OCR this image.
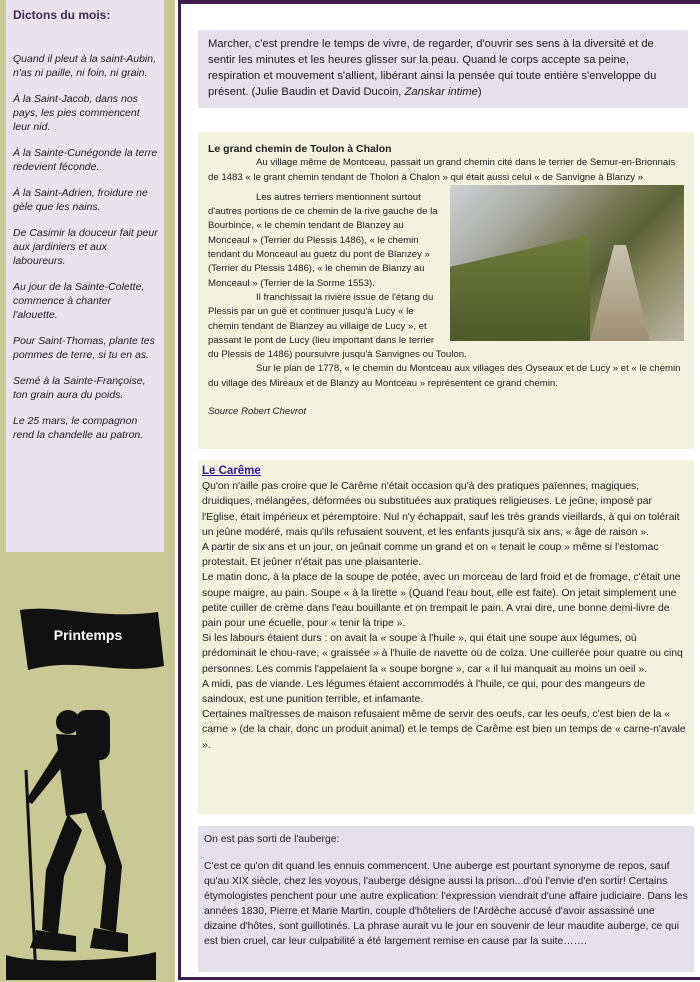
Dictons du mois:

Quand il pleut à la saint-Aubin, n'as ni paille, ni foin, ni grain.

À la Saint-Jacob, dans nos pays, les pies commencent leur nid.

À la Sainte-Cunégonde la terre redevient féconde.

À la Saint-Adrien, froidure ne gèle que les nains.

De Casimir la douceur fait peur aux jardiniers et aux laboureurs.

Au jour de la Sainte-Colette, commence à chanter l'alouette.

Pour Saint-Thomas, plante tes pommes de terre, si tu en as.

Semé à la Sainte-Françoise, ton grain aura du poids.

Le 25 mars, le compagnon rend la chandelle au patron.

Printemps
Marcher, c'est prendre le temps de vivre, de regarder, d'ouvrir ses sens à la diversité et de sentir les minutes et les heures glisser sur la peau. Quand le corps accepte sa peine, respiration et mouvement s'allient, libérant ainsi la pensée qui toute entière s'enveloppe du présent. (Julie Baudin et David Ducoin, Zanskar intime)

Le grand chemin de Toulon à Chalon

Au village même de Montceau, passait un grand chemin cité dans le terrier de Semur-en-Brionnais de 1483 « le grant chemin tendant de Tholon à Chalon » qui était aussi celui « de Sanvigne à Blanzy »

Les autres terriers mentionnent surtout d'autres portions de ce chemin de la rive gauche de la Bourbince, « le chemin tendant de Blanzey au Monceaul » (Terrier du Plessis 1486), « le chemin tendant du Monceaul au guetz du pont de Blanzey » (Terrier du Plessis 1486), « le chemin de Blanzy au Monceaul » (Terrier de la Sorme 1553).

Il franchissait la rivière issue de l'étang du Plessis par un gué et continuer jusqu'à Lucy « le chemin tendant de Blanzey au villaige de Lucy », et passant le pont de Lucy (lieu important dans le terrier du Plessis de 1486) poursuivre jusqu'à Sanvignes ou Toulon.

Sur le plan de 1778, « le chemin du Montceau aux villages des Oyseaux et de Lucy » et « le chemin du village des Mireaux et de Blanzy au Montceau » représentent ce grand chemin.

Source Robert Chevrot

Le Carême

Qu'on n'aille pas croire que le Carême n'était occasion qu'à des pratiques païennes, magiques, druidiques, mélangées, déformées ou substituées aux pratiques religieuses. Le jeûne, imposé par l'Eglise, était impérieux et péremptoire. Nul n'y échappait, sauf les très grands vieillards, à qui on tolérait un jeûne modéré, mais qu'ils refusaient souvent, et les enfants jusqu'à six ans, « âge de raison ».

A partir de six ans et un jour, on jeûnait comme un grand et on « tenait le coup » même si l'estomac protestait. Et jeûner n'était pas une plaisanterie.

Le matin donc, à la place de la soupe de potée, avec un morceau de lard froid et de fromage, c'était une soupe maigre, au pain. Soupe « à la lirette » (Quand l'eau bout, elle est faite). On jetait simplement une petite cuiller de crème dans l'eau bouillante et on trempait le pain. A vrai dire, une bonne demi-livre de pain pour une écuelle, pour « tenir la tripe ».

Si les labours étaient durs : on avait la « soupe à l'huile », qui était une soupe aux légumes, où prédominait le chou-rave, « graissée » à l'huile de navette ou de colza. Une cuillerée pour quatre ou cinq personnes. Les commis l'appelaient la « soupe borgne », car « il lui manquait au moins un oeil ».

A midi, pas de viande. Les légumes étaient accommodés à l'huile, ce qui, pour des mangeurs de saindoux, est une punition terrible, et infamante.

Certaines maîtresses de maison refusaient même de servir des oeufs, car les oeufs, c'est bien de la « carne » (de la chair, donc un produit animal) et le temps de Carême est bien un temps de « carne-n'avale ».

On est pas sorti de l'auberge:

C'est ce qu'on dit quand les ennuis commencent. Une auberge est pourtant synonyme de repos, sauf qu'au XIX siècle, chez les voyous, l'auberge désigne aussi la prison...d'où l'envie d'en sortir! Certains étymologistes penchent pour une autre explication: l'expression viendrait d'une affaire judiciaire. Dans les années 1830, Pierre et Marie Martin, couple d'hôteliers de l'Ardèche accusé d'avoir assassiné une dizaine d'hôtes, sont guillotinés. La phrase aurait vu le jour en souvenir de leur maudite auberge, ce qui est bien cruel, car leur culpabilité a été largement remise en cause par la suite…….
